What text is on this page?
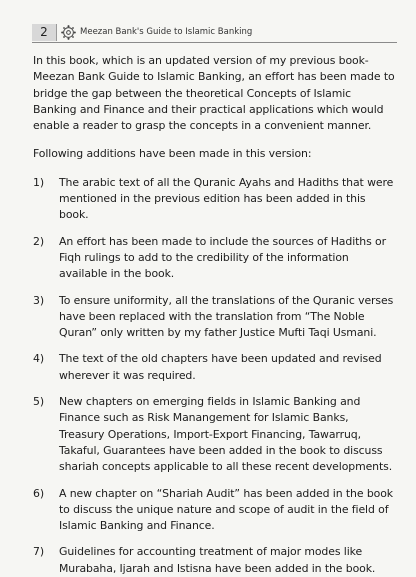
2	Meezan Bank's Guide to Islamic Banking

In this book, which is an updated version of my previous book-Meezan Bank Guide to Islamic Banking, an effort has been made to bridge the gap between the theoretical Concepts of Islamic Banking and Finance and their practical applications which would enable a reader to grasp the concepts in a convenient manner.

Following additions have been made in this version:

1)	The arabic text of all the Quranic Ayahs and Hadiths that were mentioned in the previous edition has been added in this book.
2)	An effort has been made to include the sources of Hadiths or Fiqh rulings to add to the credibility of the information available in the book.
3)	To ensure uniformity, all the translations of the Quranic verses have been replaced with the translation from “The Noble Quran” only written by my father Justice Mufti Taqi Usmani.
4)	The text of the old chapters have been updated and revised wherever it was required.
5)	New chapters on emerging fields in Islamic Banking and Finance such as Risk Manangement for Islamic Banks, Treasury Operations, Import-Export Financing, Tawarruq, Takaful, Guarantees have been added in the book to discuss shariah concepts applicable to all these recent developments.
6)	A new chapter on “Shariah Audit” has been added in the book to discuss the unique nature and scope of audit in the field of Islamic Banking and Finance.
7)	Guidelines for accounting treatment of major modes like Murabaha, Ijarah and Istisna have been added in the book.
